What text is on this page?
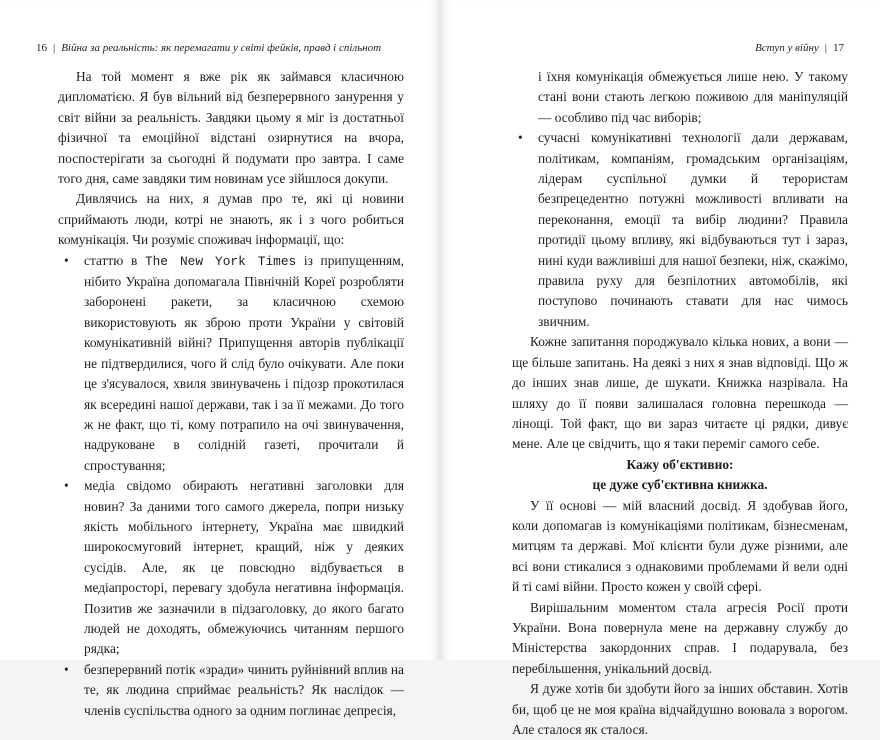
16 | Війна за реальність: як перемагати у світі фейків, правд і спільнот

На той момент я вже рік як займався класичною дипломатією. Я був вільний від безперервного занурення у світ війни за реальність. Завдяки цьому я міг із достатньої фізичної та емоційної відстані озирнутися на вчора, поспостерігати за сьогодні й подумати про завтра. І саме того дня, саме завдяки тим новинам усе зійшлося докупи.

Дивлячись на них, я думав про те, які ці новини сприймають люди, котрі не знають, як і з чого робиться комунікація. Чи розуміє споживач інформації, що:

• статтю в The New York Times із припущенням, нібито Україна допомагала Північній Кореї розробляти заборонені ракети, за класичною схемою використовують як зброю проти України у світовій комунікативній війні? Припущення авторів публікації не підтвердилися, чого й слід було очікувати. Але поки це з'ясувалося, хвиля звинувачень і підозр прокотилася як всередині нашої держави, так і за її межами. До того ж не факт, що ті, кому потрапило на очі звинувачення, надруковане в солідній газеті, прочитали й спростування;
• медіа свідомо обирають негативні заголовки для новин? За даними того самого джерела, попри низьку якість мобільного інтернету, Україна має швидкий широкосмуговий інтернет, кращий, ніж у деяких сусідів. Але, як це повсюдно відбувається в медіапросторі, перевагу здобула негативна інформація. Позитив же зазначили в підзаголовку, до якого багато людей не доходять, обмежуючись читанням першого рядка;
• безперервний потік «зради» чинить руйнівний вплив на те, як людина сприймає реальність? Як наслідок — членів суспільства одного за одним поглинає депресія,
Вступ у війну | 17
і їхня комунікація обмежується лише нею. У такому стані вони стають легкою поживою для маніпуляцій — особливо під час виборів;
• сучасні комунікативні технології дали державам, політикам, компаніям, громадським організаціям, лідерам суспільної думки й терористам безпрецедентно потужні можливості впливати на переконання, емоції та вибір людини? Правила протидії цьому впливу, які відбуваються тут і зараз, нині куди важливіші для нашої безпеки, ніж, скажімо, правила руху для безпілотних автомобілів, які поступово починають ставати для нас чимось звичним.

Кожне запитання породжувало кілька нових, а вони — ще більше запитань. На деякі з них я знав відповіді. Що ж до інших знав лише, де шукати. Книжка назрівала. На шляху до її появи залишалася головна перешкода — лінощі. Той факт, що ви зараз читаєте ці рядки, дивує мене. Але це свідчить, що я таки переміг самого себе.

Кажу об'єктивно:

це дуже суб'єктивна книжка.

У її основі — мій власний досвід. Я здобував його, коли допомагав із комунікаціями політикам, бізнесменам, митцям та державі. Мої клієнти були дуже різними, але всі вони стикалися з однаковими проблемами й вели одні й ті самі війни. Просто кожен у своїй сфері.

Вирішальним моментом стала агресія Росії проти України. Вона повернула мене на державну службу до Міністерства закордонних справ. І подарувала, без перебільшення, унікальний досвід.

Я дуже хотів би здобути його за інших обставин. Хотів би, щоб це не моя країна відчайдушно воювала з ворогом. Але сталося як сталося.
